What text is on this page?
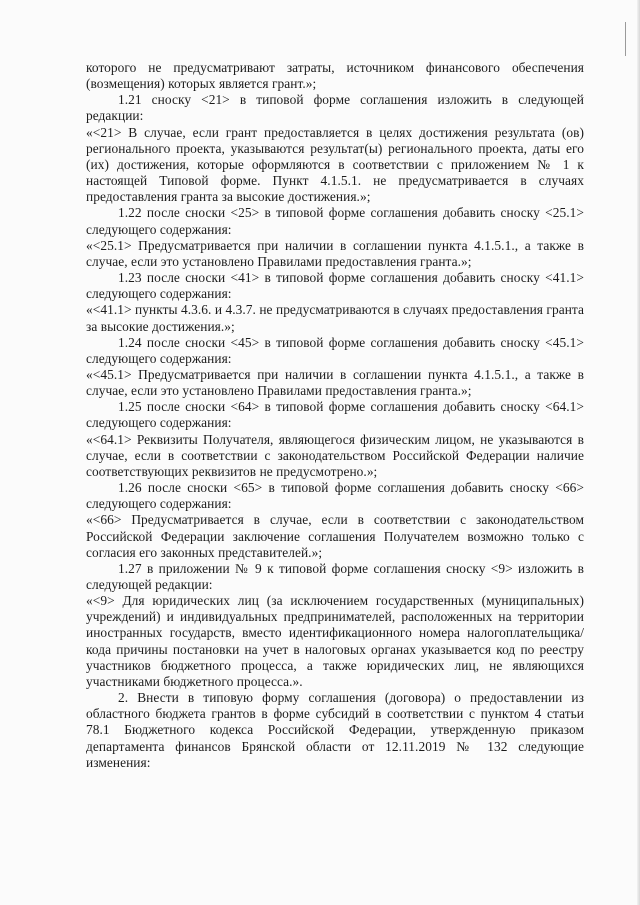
которого не предусматривают затраты, источником финансового обеспечения (возмещения) которых является грант.»;

1.21 сноску <21> в типовой форме соглашения изложить в следующей редакции:

«<21> В случае, если грант предоставляется в целях достижения результата (ов) регионального проекта, указываются результат(ы) регионального проекта, даты его (их) достижения, которые оформляются в соответствии с приложением № 1 к настоящей Типовой форме. Пункт 4.1.5.1. не предусматривается в случаях предоставления гранта за высокие достижения.»;

1.22 после сноски <25> в типовой форме соглашения добавить сноску <25.1> следующего содержания:

«<25.1> Предусматривается при наличии в соглашении пункта 4.1.5.1., а также в случае, если это установлено Правилами предоставления гранта.»;

1.23 после сноски <41> в типовой форме соглашения добавить сноску <41.1> следующего содержания:

«<41.1> пункты 4.3.6. и 4.3.7. не предусматриваются в случаях предоставления гранта за высокие достижения.»;

1.24 после сноски <45> в типовой форме соглашения добавить сноску <45.1> следующего содержания:

«<45.1> Предусматривается при наличии в соглашении пункта 4.1.5.1., а также в случае, если это установлено Правилами предоставления гранта.»;

1.25 после сноски <64> в типовой форме соглашения добавить сноску <64.1> следующего содержания:

«<64.1> Реквизиты Получателя, являющегося физическим лицом, не указываются в случае, если в соответствии с законодательством Российской Федерации наличие соответствующих реквизитов не предусмотрено.»;

1.26 после сноски <65> в типовой форме соглашения добавить сноску <66> следующего содержания:

«<66> Предусматривается в случае, если в соответствии с законодательством Российской Федерации заключение соглашения Получателем возможно только с согласия его законных представителей.»;

1.27 в приложении № 9 к типовой форме соглашения сноску <9> изложить в следующей редакции:

«<9> Для юридических лиц (за исключением государственных (муниципальных) учреждений) и индивидуальных предпринимателей, расположенных на территории иностранных государств, вместо идентификационного номера налогоплательщика/кода причины постановки на учет в налоговых органах указывается код по реестру участников бюджетного процесса, а также юридических лиц, не являющихся участниками бюджетного процесса.».

2. Внести в типовую форму соглашения (договора) о предоставлении из областного бюджета грантов в форме субсидий в соответствии с пунктом 4 статьи 78.1 Бюджетного кодекса Российской Федерации, утвержденную приказом департамента финансов Брянской области от 12.11.2019 № 132 следующие изменения:
